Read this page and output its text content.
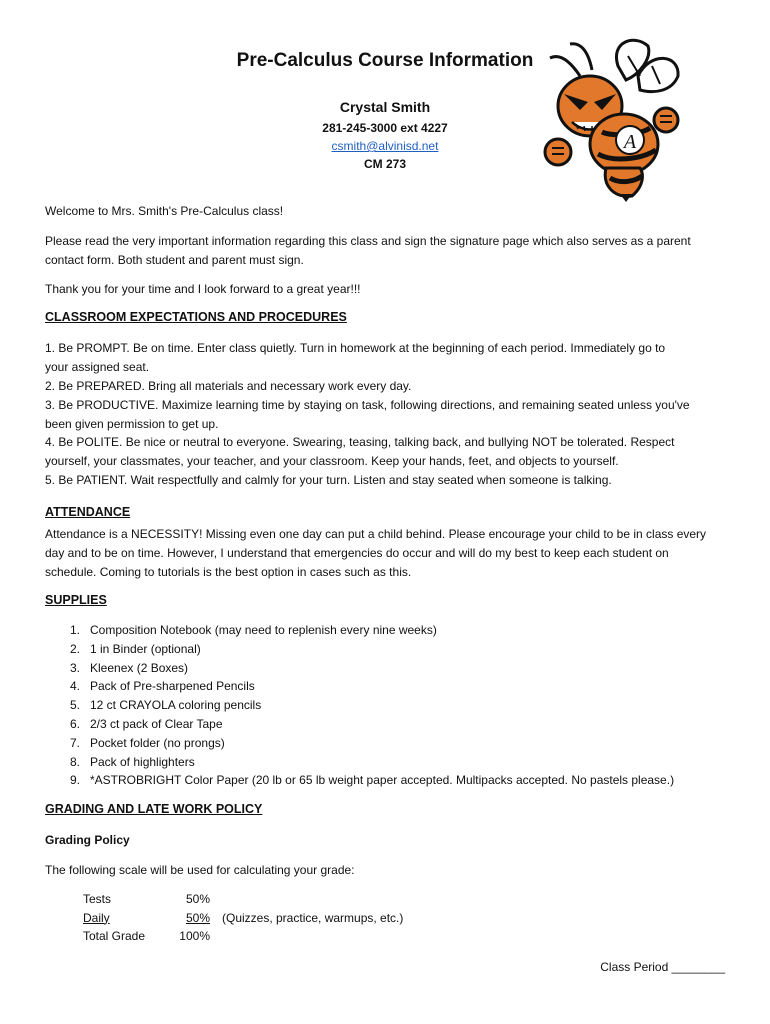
Pre-Calculus Course Information
Crystal Smith
281-245-3000 ext 4227
csmith@alvinisd.net
CM 273
A
Welcome to Mrs. Smith's Pre-Calculus class!
Please read the very important information regarding this class and sign the signature page which also serves as a parent
contact form. Both student and parent must sign.
Thank you for your time and I look forward to a great year!!!
CLASSROOM EXPECTATIONS AND PROCEDURES
1. Be PROMPT. Be on time. Enter class quietly. Turn in homework at the beginning of each period. Immediately go to
your assigned seat.
2. Be PREPARED. Bring all materials and necessary work every day.
3. Be PRODUCTIVE. Maximize learning time by staying on task, following directions, and remaining seated unless you've
been given permission to get up.
4. Be POLITE. Be nice or neutral to everyone. Swearing, teasing, talking back, and bullying NOT be tolerated. Respect
yourself, your classmates, your teacher, and your classroom. Keep your hands, feet, and objects to yourself.
5. Be PATIENT. Wait respectfully and calmly for your turn. Listen and stay seated when someone is talking.
ATTENDANCE
Attendance is a NECESSITY! Missing even one day can put a child behind. Please encourage your child to be in class every
day and to be on time. However, I understand that emergencies do occur and will do my best to keep each student on
schedule. Coming to tutorials is the best option in cases such as this.
SUPPLIES
1. Composition Notebook (may need to replenish every nine weeks)
2. 1 in Binder (optional)
3. Kleenex (2 Boxes)
4. Pack of Pre-sharpened Pencils
5. 12 ct CRAYOLA coloring pencils
6. 2/3 ct pack of Clear Tape
7. Pocket folder (no prongs)
8. Pack of highlighters
9. *ASTROBRIGHT Color Paper (20 lb or 65 lb weight paper accepted. Multipacks accepted. No pastels please.)
GRADING AND LATE WORK POLICY
Grading Policy
The following scale will be used for calculating your grade:
Tests	50%
Daily	50% (Quizzes, practice, warmups, etc.)
Total Grade	100%
Class Period ________
